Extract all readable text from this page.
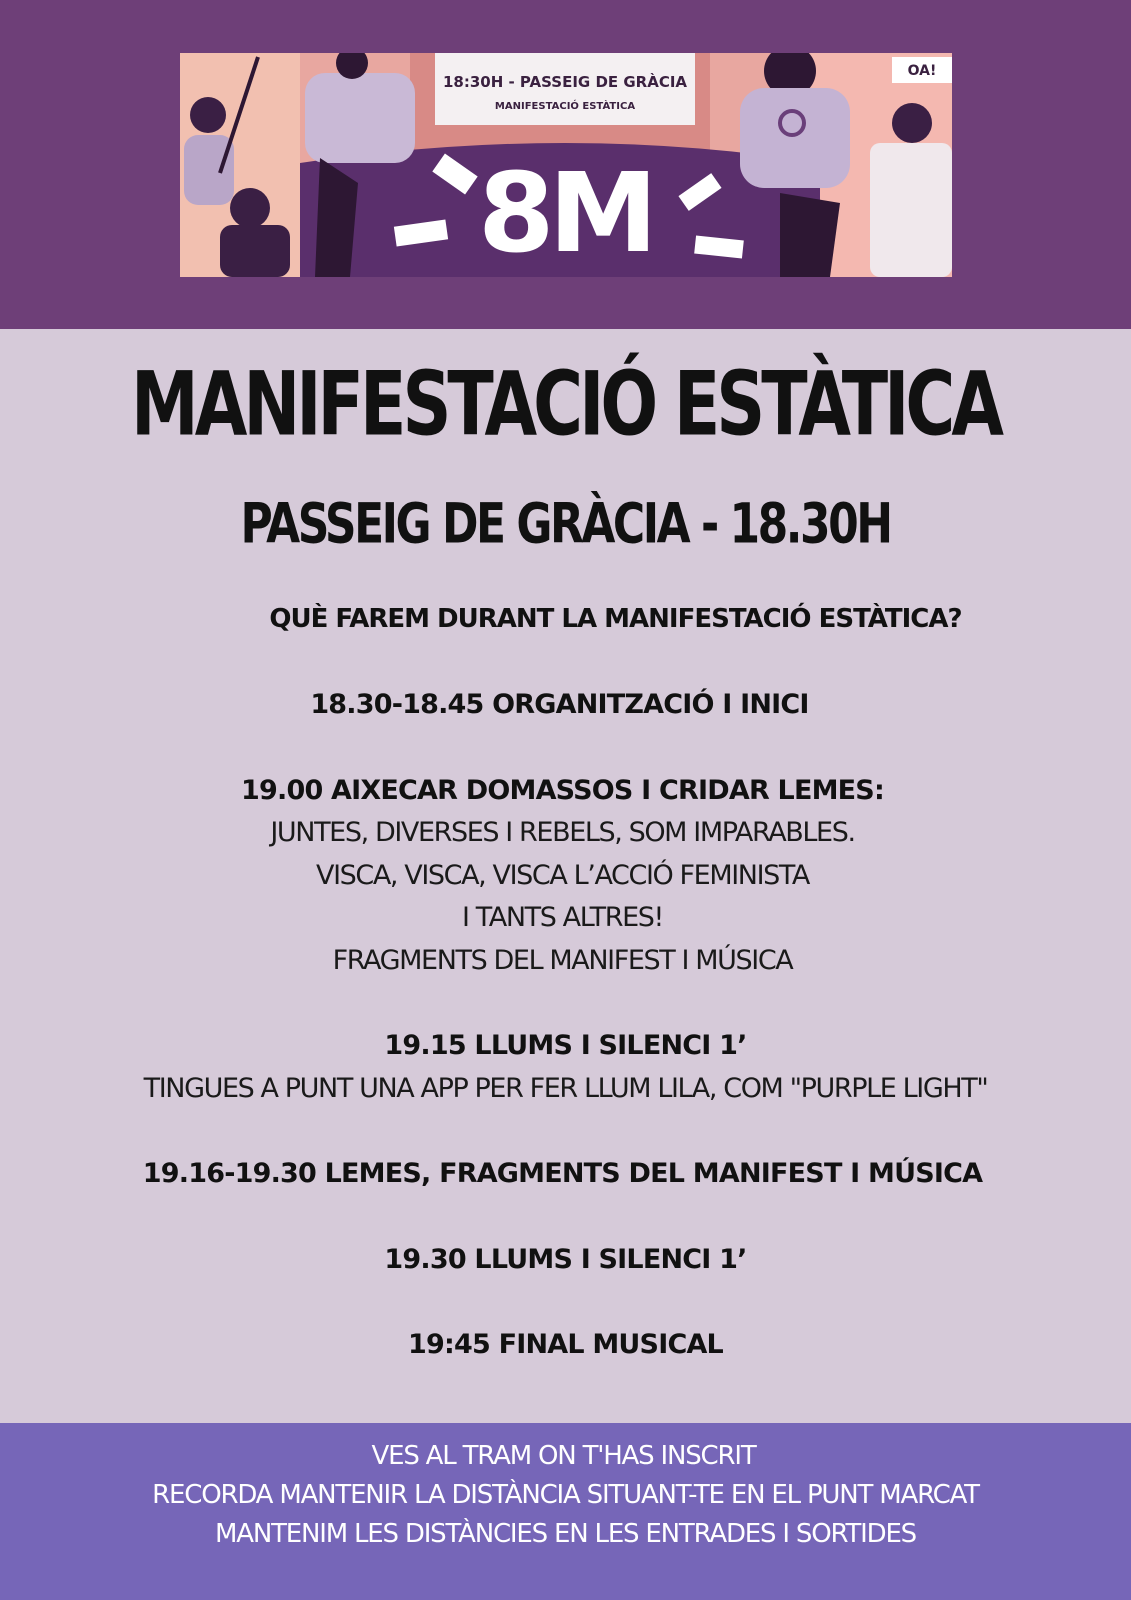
18:30H - PASSEIG DE GRÀCIA
MANIFESTACIÓ ESTÀTICA
8M
OA!
MANIFESTACIÓ ESTÀTICA
PASSEIG DE GRÀCIA - 18.30H
QUÈ FAREM DURANT LA MANIFESTACIÓ ESTÀTICA?
18.30-18.45 ORGANITZACIÓ I INICI
19.00 AIXECAR DOMASSOS I CRIDAR LEMES:
JUNTES, DIVERSES I REBELS, SOM IMPARABLES.
VISCA, VISCA, VISCA L’ACCIÓ FEMINISTA
I TANTS ALTRES!
FRAGMENTS DEL MANIFEST I MÚSICA
19.15 LLUMS I SILENCI 1’
TINGUES A PUNT UNA APP PER FER LLUM LILA, COM "PURPLE LIGHT"
19.16-19.30 LEMES, FRAGMENTS DEL MANIFEST I MÚSICA
19.30 LLUMS I SILENCI 1’
19:45 FINAL MUSICAL
VES AL TRAM ON T'HAS INSCRIT
RECORDA MANTENIR LA DISTÀNCIA SITUANT-TE EN EL PUNT MARCAT
MANTENIM LES DISTÀNCIES EN LES ENTRADES I SORTIDES
